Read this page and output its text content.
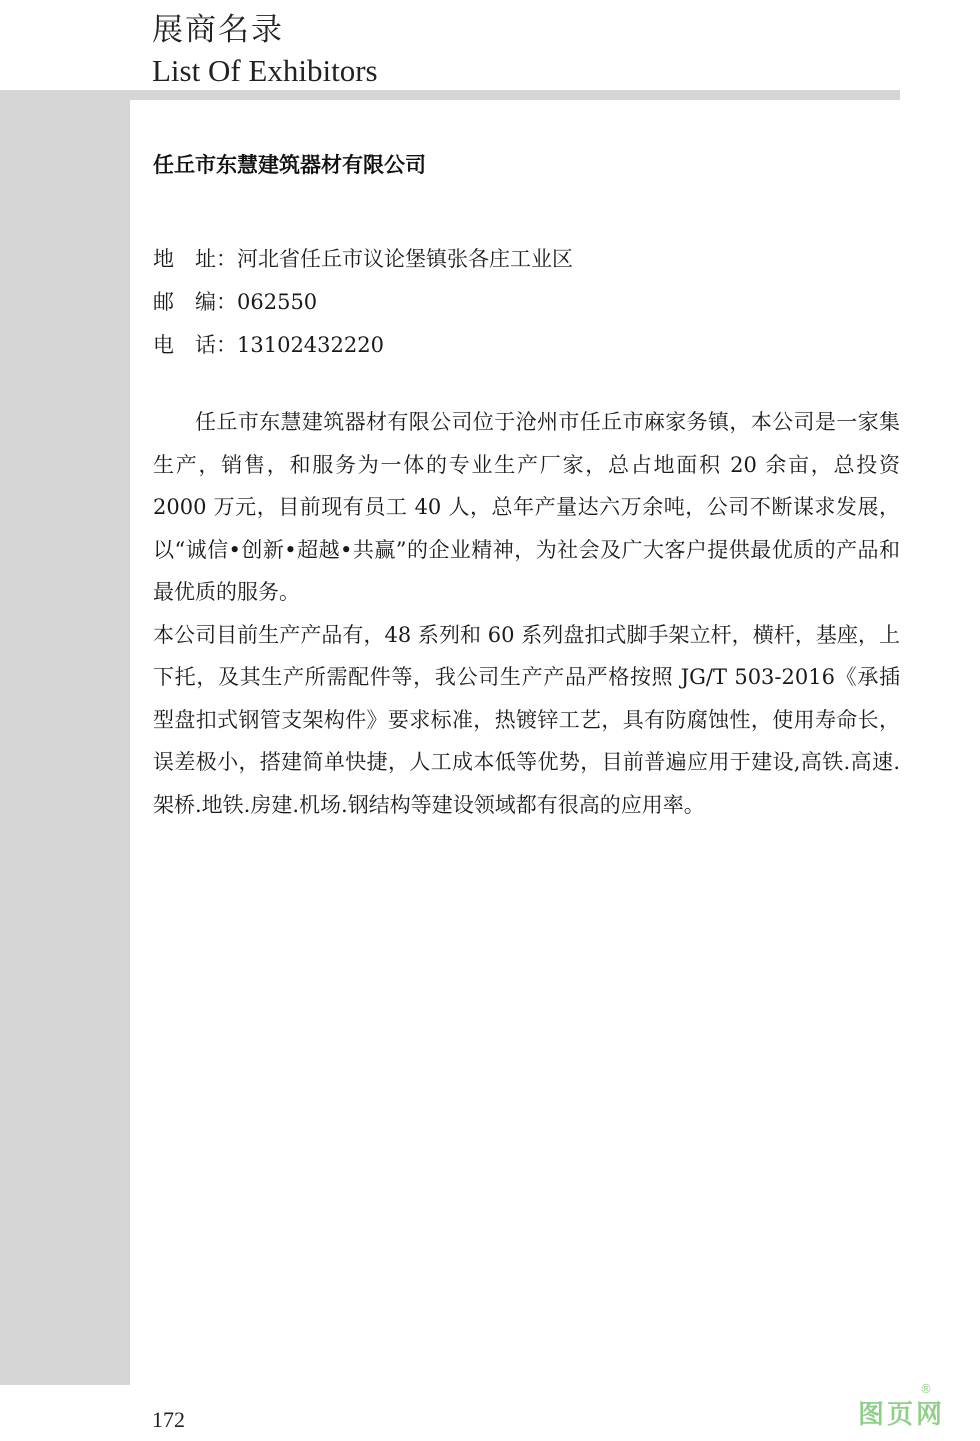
展商名录
List Of Exhibitors
任丘市东慧建筑器材有限公司
地　址：河北省任丘市议论堡镇张各庄工业区
邮　编：062550
电　话：13102432220

任丘市东慧建筑器材有限公司位于沧州市任丘市麻家务镇，本公司是一家集生产，销售，和服务为一体的专业生产厂家，总占地面积 20 余亩，总投资 2000 万元，目前现有员工 40 人，总年产量达六万余吨，公司不断谋求发展，以“诚信•创新•超越•共赢”的企业精神，为社会及广大客户提供最优质的产品和最优质的服务。

本公司目前生产产品有，48 系列和 60 系列盘扣式脚手架立杆，横杆，基座，上下托，及其生产所需配件等，我公司生产产品严格按照 JG/T 503-2016《承插型盘扣式钢管支架构件》要求标准，热镀锌工艺，具有防腐蚀性，使用寿命长，误差极小，搭建简单快捷，人工成本低等优势，目前普遍应用于建设,高铁.高速.架桥.地铁.房建.机场.钢结构等建设领域都有很高的应用率。

172	图页网
®
